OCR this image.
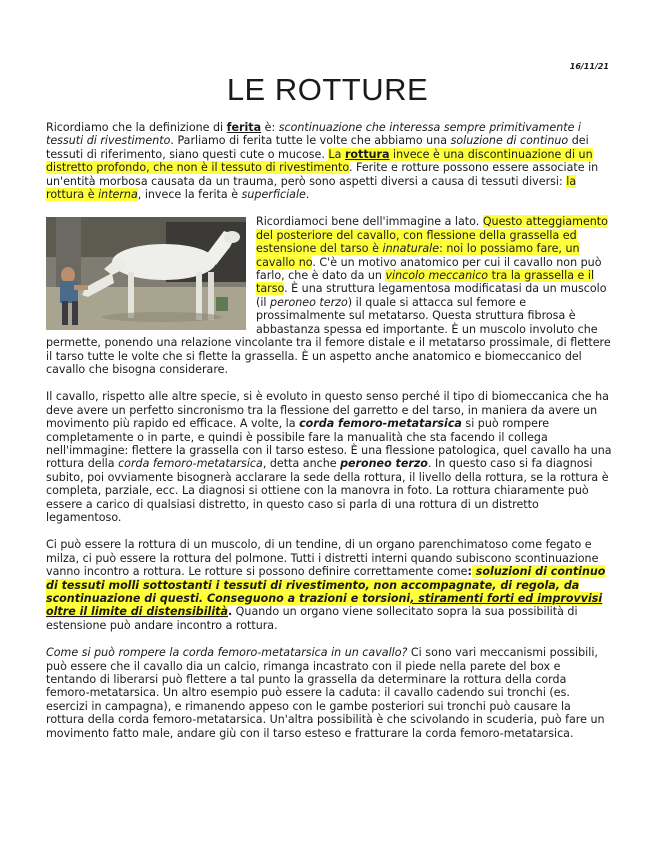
16/11/21
LE ROTTURE

Ricordiamo che la definizione di ferita è: scontinuazione che interessa sempre primitivamente i tessuti di rivestimento. Parliamo di ferita tutte le volte che abbiamo una soluzione di continuo dei tessuti di riferimento, siano questi cute o mucose. La rottura invece è una discontinuazione di un distretto profondo, che non è il tessuto di rivestimento. Ferite e rotture possono essere associate in un'entità morbosa causata da un trauma, però sono aspetti diversi a causa di tessuti diversi: la rottura è interna, invece la ferita è superficiale.

Ricordiamoci bene dell'immagine a lato. Questo atteggiamento del posteriore del cavallo, con flessione della grassella ed estensione del tarso è innaturale: noi lo possiamo fare, un cavallo no. C'è un motivo anatomico per cui il cavallo non può farlo, che è dato da un vincolo meccanico tra la grassella e il tarso. È una struttura legamentosa modificatasi da un muscolo (il peroneo terzo) il quale si attacca sul femore e prossimalmente sul metatarso. Questa struttura fibrosa è abbastanza spessa ed importante. È un muscolo involuto che permette, ponendo una relazione vincolante tra il femore distale e il metatarso prossimale, di flettere il tarso tutte le volte che si flette la grassella. È un aspetto anche anatomico e biomeccanico del cavallo che bisogna considerare.

Il cavallo, rispetto alle altre specie, si è evoluto in questo senso perché il tipo di biomeccanica che ha deve avere un perfetto sincronismo tra la flessione del garretto e del tarso, in maniera da avere un movimento più rapido ed efficace. A volte, la corda femoro-metatarsica si può rompere completamente o in parte, e quindi è possibile fare la manualità che sta facendo il collega nell'immagine: flettere la grassella con il tarso esteso. È una flessione patologica, quel cavallo ha una rottura della corda femoro-metatarsica, detta anche peroneo terzo. In questo caso si fa diagnosi subito, poi ovviamente bisognerà acclarare la sede della rottura, il livello della rottura, se la rottura è completa, parziale, ecc. La diagnosi si ottiene con la manovra in foto. La rottura chiaramente può essere a carico di qualsiasi distretto, in questo caso si parla di una rottura di un distretto legamentoso.

Ci può essere la rottura di un muscolo, di un tendine, di un organo parenchimatoso come fegato e milza, ci può essere la rottura del polmone. Tutti i distretti interni quando subiscono scontinuazione vanno incontro a rottura. Le rotture si possono definire correttamente come: soluzioni di continuo di tessuti molli sottostanti i tessuti di rivestimento, non accompagnate, di regola, da scontinuazione di questi. Conseguono a trazioni e torsioni, stiramenti forti ed improvvisi oltre il limite di distensibilità. Quando un organo viene sollecitato sopra la sua possibilità di estensione può andare incontro a rottura.

Come si può rompere la corda femoro-metatarsica in un cavallo? Ci sono vari meccanismi possibili, può essere che il cavallo dia un calcio, rimanga incastrato con il piede nella parete del box e tentando di liberarsi può flettere a tal punto la grassella da determinare la rottura della corda femoro-metatarsica. Un altro esempio può essere la caduta: il cavallo cadendo sui tronchi (es. esercizi in campagna), e rimanendo appeso con le gambe posteriori sui tronchi può causare la rottura della corda femoro-metatarsica. Un'altra possibilità è che scivolando in scuderia, può fare un movimento fatto male, andare giù con il tarso esteso e fratturare la corda femoro-metatarsica.
